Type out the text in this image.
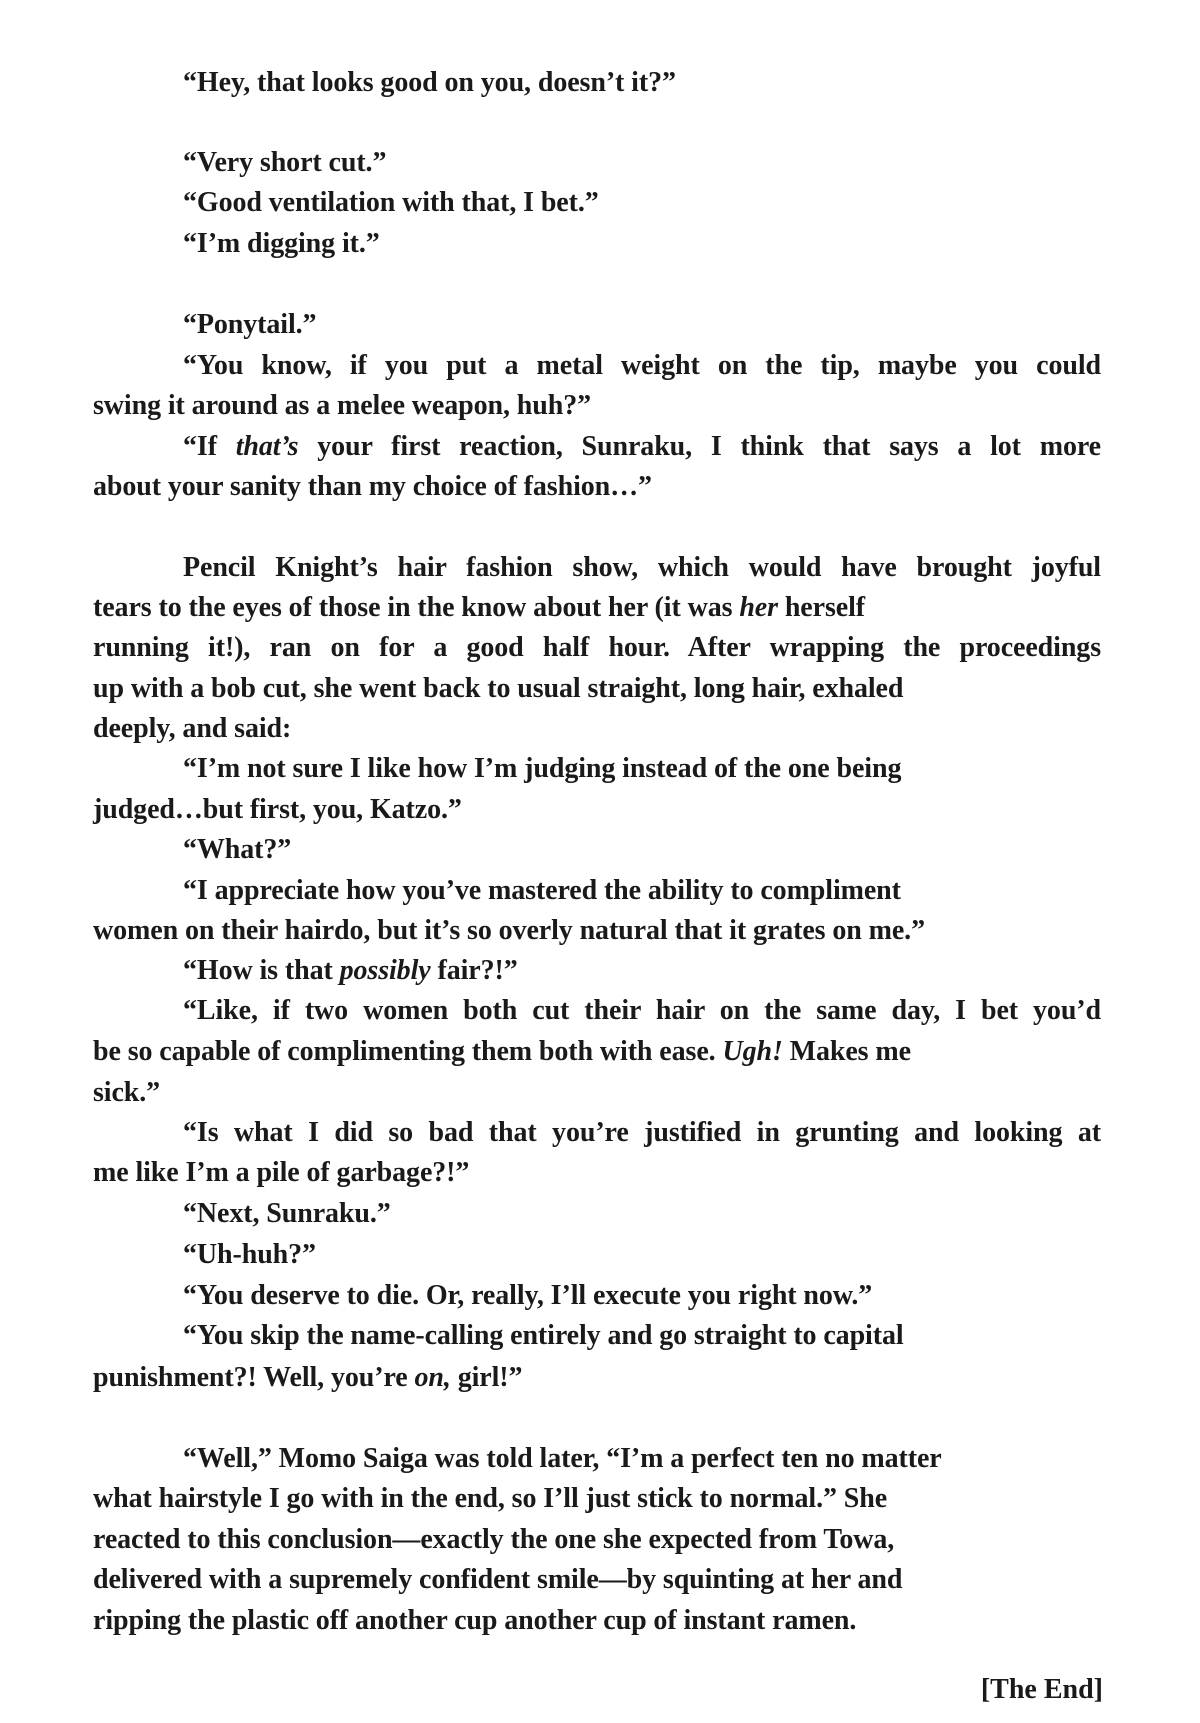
“Hey, that looks good on you, doesn’t it?”
“Very short cut.”
“Good ventilation with that, I bet.”
“I’m digging it.”
“Ponytail.”
“You know, if you put a metal weight on the tip, maybe you could
swing it around as a melee weapon, huh?”
“If that’s your first reaction, Sunraku, I think that says a lot more
about your sanity than my choice of fashion…”
Pencil Knight’s hair fashion show, which would have brought joyful
tears to the eyes of those in the know about her (it was her herself
running it!), ran on for a good half hour. After wrapping the proceedings
up with a bob cut, she went back to usual straight, long hair, exhaled
deeply, and said:
“I’m not sure I like how I’m judging instead of the one being
judged…but first, you, Katzo.”
“What?”
“I appreciate how you’ve mastered the ability to compliment
women on their hairdo, but it’s so overly natural that it grates on me.”
“How is that possibly fair?!”
“Like, if two women both cut their hair on the same day, I bet you’d
be so capable of complimenting them both with ease. Ugh! Makes me
sick.”
“Is what I did so bad that you’re justified in grunting and looking at
me like I’m a pile of garbage?!”
“Next, Sunraku.”
“Uh-huh?”
“You deserve to die. Or, really, I’ll execute you right now.”
“You skip the name-calling entirely and go straight to capital
punishment?! Well, you’re on, girl!”
“Well,” Momo Saiga was told later, “I’m a perfect ten no matter
what hairstyle I go with in the end, so I’ll just stick to normal.” She
reacted to this conclusion—exactly the one she expected from Towa,
delivered with a supremely confident smile—by squinting at her and
ripping the plastic off another cup another cup of instant ramen.
[The End]
